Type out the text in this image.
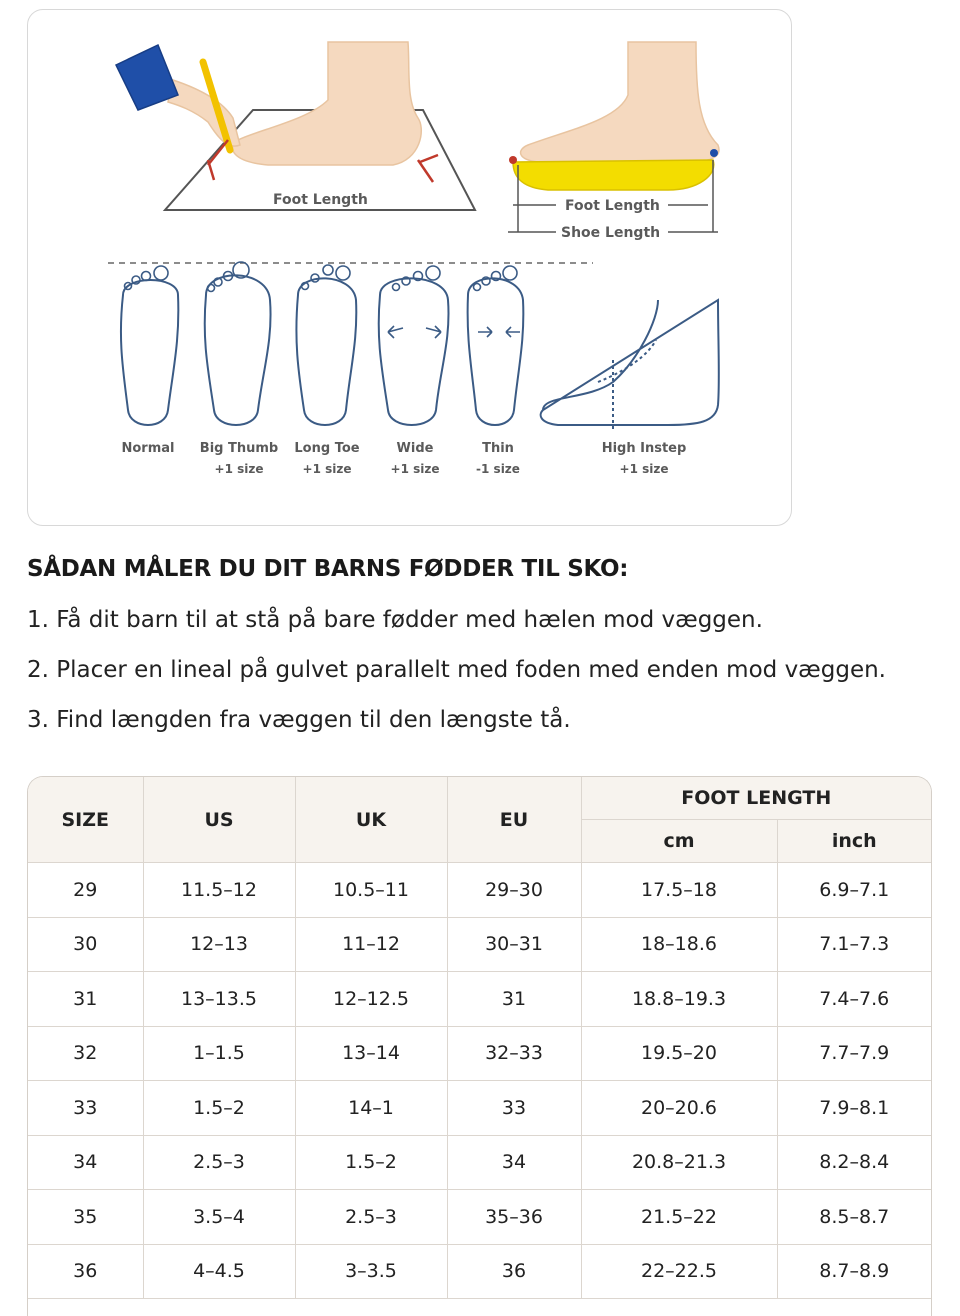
Foot Length	Foot Length
Shoe Length
Normal Big Thumb
+1 size
Long Toe
+1 size
Wide
+1 size
Thin
-1 size
High Instep
+1 size
SÅDAN MÅLER DU DIT BARNS FØDDER TIL SKO:

1. Få dit barn til at stå på bare fødder med hælen mod væggen.

2. Placer en lineal på gulvet parallelt med foden med enden mod væggen.

3. Find længden fra væggen til den længste tå.

SIZE	US	UK	EU	FOOT LENGTH	
				cm	inch
29	11.5–12	10.5–11	29–30	17.5–18	6.9–7.1
30	12–13	11–12	30–31	18–18.6	7.1–7.3
31	13–13.5	12–12.5	31	18.8–19.3	7.4–7.6
32	1–1.5	13–14	32–33	19.5–20	7.7–7.9
33	1.5–2	14–1	33	20–20.6	7.9–8.1
34	2.5–3	1.5–2	34	20.8–21.3	8.2–8.4
35	3.5–4	2.5–3	35–36	21.5–22	8.5–8.7
36	4–4.5	3–3.5	36	22–22.5	8.7–8.9
